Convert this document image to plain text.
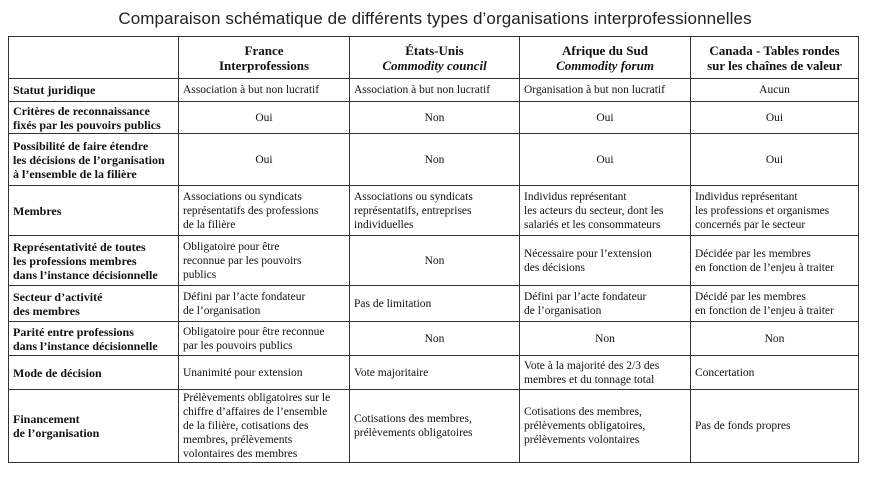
Comparaison schématique de différents types d’organisations interprofessionnelles

	France
Interprofessions	États-Unis
Commodity council	Afrique du Sud
Commodity forum	Canada - Tables rondes
sur les chaînes de valeur

Statut juridique	Association à but non lucratif	Association à but non lucratif	Organisation à but non lucratif	Aucun

Critères de reconnaissance
fixés par les pouvoirs publics	Oui	Non	Oui	Oui

Possibilité de faire étendre
les décisions de l’organisation
à l’ensemble de la filière	Oui	Non	Oui	Oui

Membres	Associations ou syndicats
représentatifs des professions
de la filière	Associations ou syndicats
représentatifs, entreprises
individuelles	Individus représentant
les acteurs du secteur, dont les
salariés et les consommateurs	Individus représentant
les professions et organismes
concernés par le secteur

Représentativité de toutes
les professions membres
dans l’instance décisionnelle	Obligatoire pour être
reconnue par les pouvoirs
publics	Non	Nécessaire pour l’extension
des décisions	Décidée par les membres
en fonction de l’enjeu à traiter

Secteur d’activité
des membres	Défini par l’acte fondateur
de l’organisation	Pas de limitation	Défini par l’acte fondateur
de l’organisation	Décidé par les membres
en fonction de l’enjeu à traiter

Parité entre professions
dans l’instance décisionnelle	Obligatoire pour être reconnue
par les pouvoirs publics	Non	Non	Non

Mode de décision	Unanimité pour extension	Vote majoritaire	Vote à la majorité des 2/3 des
membres et du tonnage total	Concertation

Financement
de l’organisation	Prélèvements obligatoires sur le
chiffre d’affaires de l’ensemble
de la filière, cotisations des
membres, prélèvements
volontaires des membres	Cotisations des membres,
prélèvements obligatoires	Cotisations des membres,
prélèvements obligatoires,
prélèvements volontaires	Pas de fonds propres
